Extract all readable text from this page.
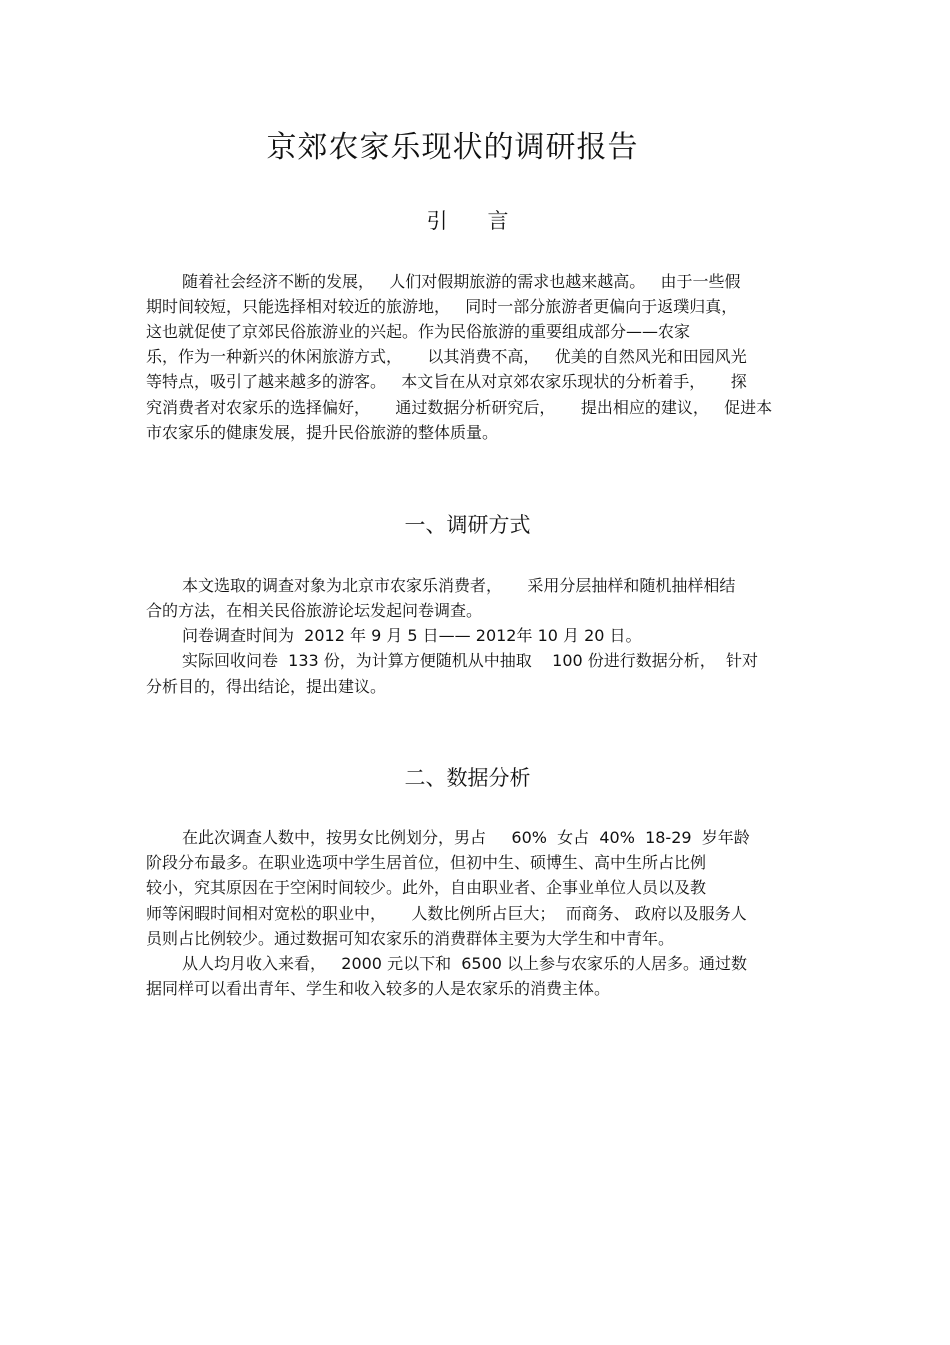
京郊农家乐现状的调研报告
引 言
随着社会经济不断的发展，   人们对假期旅游的需求也越来越高。   由于一些假
期时间较短，只能选择相对较近的旅游地，   同时一部分旅游者更偏向于返璞归真，
这也就促使了京郊民俗旅游业的兴起。作为民俗旅游的重要组成部分——农家
乐，作为一种新兴的休闲旅游方式，     以其消费不高，   优美的自然风光和田园风光
等特点，吸引了越来越多的游客。   本文旨在从对京郊农家乐现状的分析着手，     探
究消费者对农家乐的选择偏好，     通过数据分析研究后，     提出相应的建议，   促进本
市农家乐的健康发展，提升民俗旅游的整体质量。
一、调研方式
本文选取的调查对象为北京市农家乐消费者，     采用分层抽样和随机抽样相结
合的方法，在相关民俗旅游论坛发起问卷调查。
问卷调查时间为  2012 年 9 月 5 日—— 2012年 10 月 20 日。
实际回收问卷  133 份，为计算方便随机从中抽取    100 份进行数据分析，  针对
分析目的，得出结论，提出建议。
二、数据分析
在此次调查人数中，按男女比例划分，男占     60%  女占  40%  18-29  岁年龄
阶段分布最多。在职业选项中学生居首位，但初中生、硕博生、高中生所占比例
较小，究其原因在于空闲时间较少。此外，自由职业者、企事业单位人员以及教
师等闲暇时间相对宽松的职业中，     人数比例所占巨大；  而商务、 政府以及服务人
员则占比例较少。通过数据可知农家乐的消费群体主要为大学生和中青年。
从人均月收入来看，   2000 元以下和  6500 以上参与农家乐的人居多。通过数
据同样可以看出青年、学生和收入较多的人是农家乐的消费主体。
